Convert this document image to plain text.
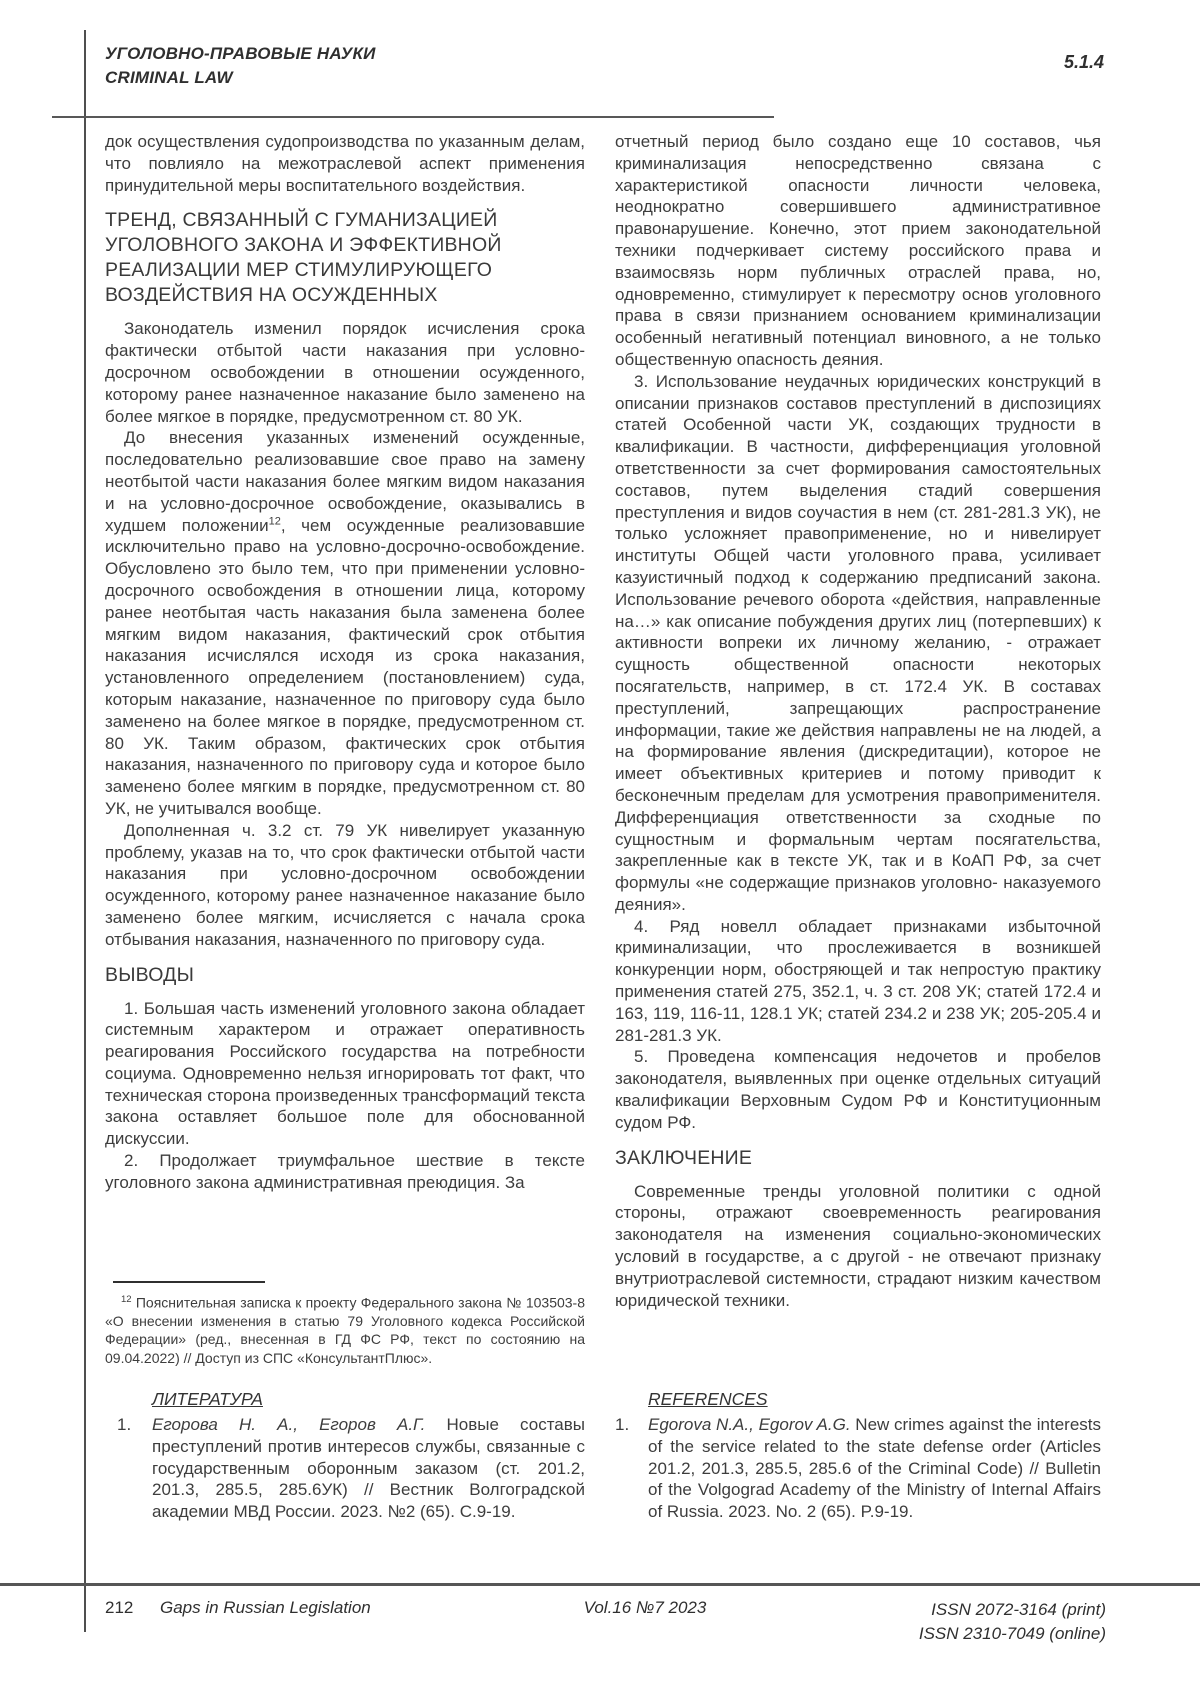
УГОЛОВНО-ПРАВОВЫЕ НАУКИ
CRIMINAL LAW
5.1.4

док осуществления судопроизводства по указанным делам, что повлияло на межотраслевой аспект применения принудительной меры воспитательного воздействия.

ТРЕНД, СВЯЗАННЫЙ С ГУМАНИЗАЦИЕЙ УГОЛОВНОГО ЗАКОНА И ЭФФЕКТИВНОЙ РЕАЛИЗАЦИИ МЕР СТИМУЛИРУЮЩЕГО ВОЗДЕЙСТВИЯ НА ОСУЖДЕННЫХ

Законодатель изменил порядок исчисления срока фактически отбытой части наказания при условно-досрочном освобождении в отношении осужденного, которому ранее назначенное наказание было заменено на более мягкое в порядке, предусмотренном ст. 80 УК.

До внесения указанных изменений осужденные, последовательно реализовавшие свое право на замену неотбытой части наказания более мягким видом наказания и на условно-досрочное освобождение, оказывались в худшем положении$^{12}$, чем осужденные реализовавшие исключительно право на условно-досрочно-освобождение. Обусловлено это было тем, что при применении условно-досрочного освобождения в отношении лица, которому ранее неотбытая часть наказания была заменена более мягким видом наказания, фактический срок отбытия наказания исчислялся исходя из срока наказания, установленного определением (постановлением) суда, которым наказание, назначенное по приговору суда было заменено на более мягкое в порядке, предусмотренном ст. 80 УК. Таким образом, фактических срок отбытия наказания, назначенного по приговору суда и которое было заменено более мягким в порядке, предусмотренном ст. 80 УК, не учитывался вообще.

Дополненная ч. 3.2 ст. 79 УК нивелирует указанную проблему, указав на то, что срок фактически отбытой части наказания при условно-досрочном освобождении осужденного, которому ранее назначенное наказание было заменено более мягким, исчисляется с начала срока отбывания наказания, назначенного по приговору суда.

ВЫВОДЫ

1. Большая часть изменений уголовного закона обладает системным характером и отражает оперативность реагирования Российского государства на потребности социума. Одновременно нельзя игнорировать тот факт, что техническая сторона произведенных трансформаций текста закона оставляет большое поле для обоснованной дискуссии.

2. Продолжает триумфальное шествие в тексте уголовного закона административная преюдиция. За

$^{12}$ Пояснительная записка к проекту Федерального закона № 103503-8 «О внесении изменения в статью 79 Уголовного кодекса Российской Федерации» (ред., внесенная в ГД ФС РФ, текст по состоянию на 09.04.2022) // Доступ из СПС «КонсультантПлюс».

ЛИТЕРАТУРА
1. Егорова Н. А., Егоров А.Г. Новые составы преступлений против интересов службы, связанные с государственным оборонным заказом (ст. 201.2, 201.3, 285.5, 285.6УК) // Вестник Волгоградской академии МВД России. 2023. №2 (65). С.9-19.

отчетный период было создано еще 10 составов, чья криминализация непосредственно связана с характеристикой опасности личности человека, неоднократно совершившего административное правонарушение. Конечно, этот прием законодательной техники подчеркивает систему российского права и взаимосвязь норм публичных отраслей права, но, одновременно, стимулирует к пересмотру основ уголовного права в связи признанием основанием криминализации особенный негативный потенциал виновного, а не только общественную опасность деяния.

3. Использование неудачных юридических конструкций в описании признаков составов преступлений в диспозициях статей Особенной части УК, создающих трудности в квалификации. В частности, дифференциация уголовной ответственности за счет формирования самостоятельных составов, путем выделения стадий совершения преступления и видов соучастия в нем (ст. 281-281.3 УК), не только усложняет правоприменение, но и нивелирует институты Общей части уголовного права, усиливает казуистичный подход к содержанию предписаний закона. Использование речевого оборота «действия, направленные на…» как описание побуждения других лиц (потерпевших) к активности вопреки их личному желанию, - отражает сущность общественной опасности некоторых посягательств, например, в ст. 172.4 УК. В составах преступлений, запрещающих распространение информации, такие же действия направлены не на людей, а на формирование явления (дискредитации), которое не имеет объективных критериев и потому приводит к бесконечным пределам для усмотрения правоприменителя. Дифференциация ответственности за сходные по сущностным и формальным чертам посягательства, закрепленные как в тексте УК, так и в КоАП РФ, за счет формулы «не содержащие признаков уголовно- наказуемого деяния».

4. Ряд новелл обладает признаками избыточной криминализации, что прослеживается в возникшей конкуренции норм, обостряющей и так непростую практику применения статей 275, 352.1, ч. 3 ст. 208 УК; статей 172.4 и 163, 119, 116-11, 128.1 УК; статей 234.2 и 238 УК; 205-205.4 и 281-281.3 УК.

5. Проведена компенсация недочетов и пробелов законодателя, выявленных при оценке отдельных ситуаций квалификации Верховным Судом РФ и Конституционным судом РФ.

ЗАКЛЮЧЕНИЕ

Современные тренды уголовной политики с одной стороны, отражают своевременность реагирования законодателя на изменения социально-экономических условий в государстве, а с другой - не отвечают признаку внутриотраслевой системности, страдают низким качеством юридической техники.

REFERENCES
1. Egorova N.A., Egorov A.G. New crimes against the interests of the service related to the state defense order (Articles 201.2, 201.3, 285.5, 285.6 of the Criminal Code) // Bulletin of the Volgograd Academy of the Ministry of Internal Affairs of Russia. 2023. No. 2 (65). P.9-19.
212 Gaps in Russian Legislation	Vol.16 №7 2023	ISSN 2072-3164 (print)
ISSN 2310-7049 (online)
